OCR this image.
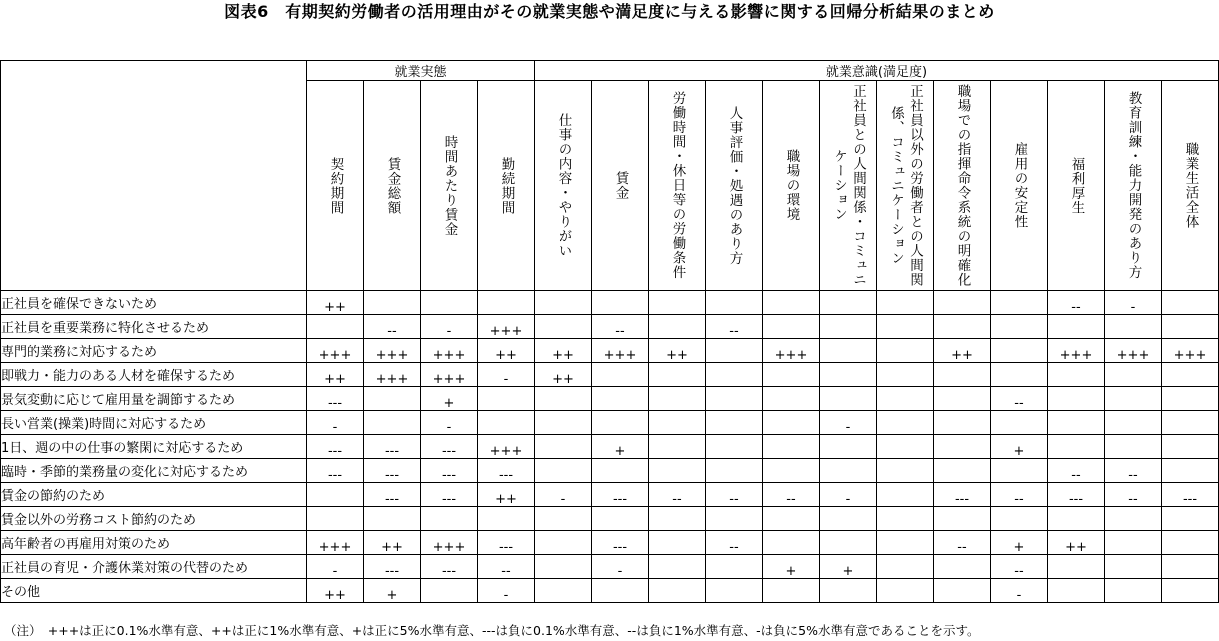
図表6　有期契約労働者の活用理由がその就業実態や満足度に与える影響に関する回帰分析結果のまとめ
	就業実態				就業意識(満足度)											

	契約期間	賃金総額	時間あたり賃金	勤続期間	仕事の内容・やりがい	賃金	労働時間・休日等の労働条件	人事評価・処遇のあり方	職場の環境	正社員との人間関係・コミュニケーション	正社員以外の労働者との人間関係、コミュニケーション	職場での指揮命令系統の明確化	雇用の安定性	福利厚生	教育訓練・能力開発のあり方	職業生活全体

正社員を確保できないため	++													--	-	
正社員を重要業務に特化させるため		--	-	+++		--		--								
専門的業務に対応するため	+++	+++	+++	++	++	+++	++		+++			++		+++	+++	+++
即戦力・能力のある人材を確保するため	++	+++	+++	-	++											
景気変動に応じて雇用量を調節するため	---		+										--			
長い営業(操業)時間に対応するため	-		-							-						
1日、週の中の仕事の繁閑に対応するため	---	---	---	+++		+							+			
臨時・季節的業務量の変化に対応するため	---	---	---	---										--	--	
賃金の節約のため		---	---	++	-	---	--	--	--	-		---	--	---	--	---
賃金以外の労務コスト節約のため																
高年齢者の再雇用対策のため	+++	++	+++	---		---		--				--	+	++		
正社員の育児・介護休業対策の代替のため	-	---	---	--		-			+	+			--			
その他	++	+		-									-			
（注）　+++は正に0.1%水準有意、++は正に1%水準有意、+は正に5%水準有意、---は負に0.1%水準有意、--は負に1%水準有意、-は負に5%水準有意であることを示す。
